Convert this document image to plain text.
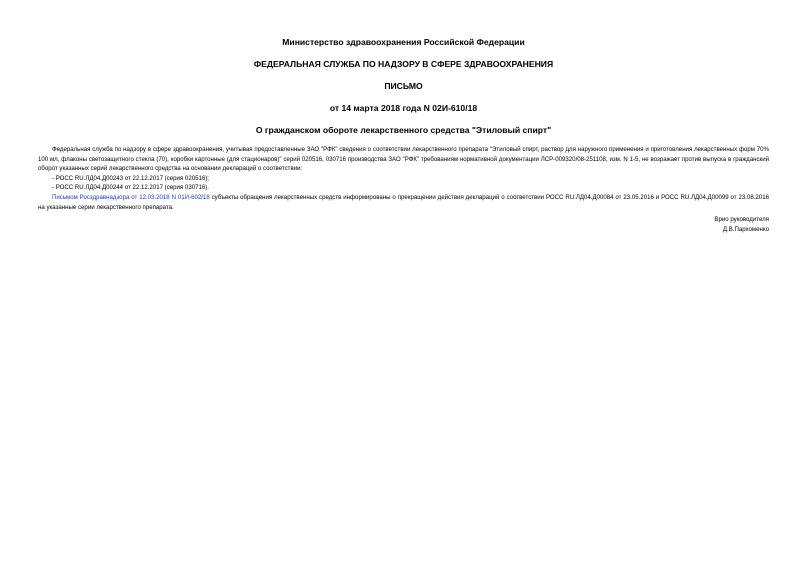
Министерство здравоохранения Российской Федерации
ФЕДЕРАЛЬНАЯ СЛУЖБА ПО НАДЗОРУ В СФЕРЕ ЗДРАВООХРАНЕНИЯ
ПИСЬМО
от 14 марта 2018 года N 02И-610/18
О гражданском обороте лекарственного средства "Этиловый спирт"

Федеральная служба по надзору в сфере здравоохранения, учитывая предоставленные ЗАО "РФК" сведения о соответствии лекарственного препарата "Этиловый спирт, раствор для наружного применения и приготовления лекарственных форм 70% 100 мл, флаконы светозащитного стекла (70), коробки картонные (для стационаров)" серий 020516, 030716 производства ЗАО "РФК" требованиям нормативной документации ЛСР-009320/08-251108, изм. N 1-5, не возражает против выпуска в гражданский оборот указанных серий лекарственного средства на основании деклараций о соответствии:

- РОСС RU.ЛД04.Д00243 от 22.12.2017 (серия 020516);

- РОСС RU.ЛД04.Д00244 от 22.12.2017 (серия 030716).

Письмом Росздравнадзора от 12.03.2018 N 01И-602/18 субъекты обращения лекарственных средств информированы о прекращении действия деклараций о соответствии РОСС RU.ЛД04.Д00084 от 23.05.2016 и РОСС RU.ЛД04.Д00099 от 23.08.2016 на указанные серии лекарственного препарата.

Врио руководителя
Д.В.Пархоменко
